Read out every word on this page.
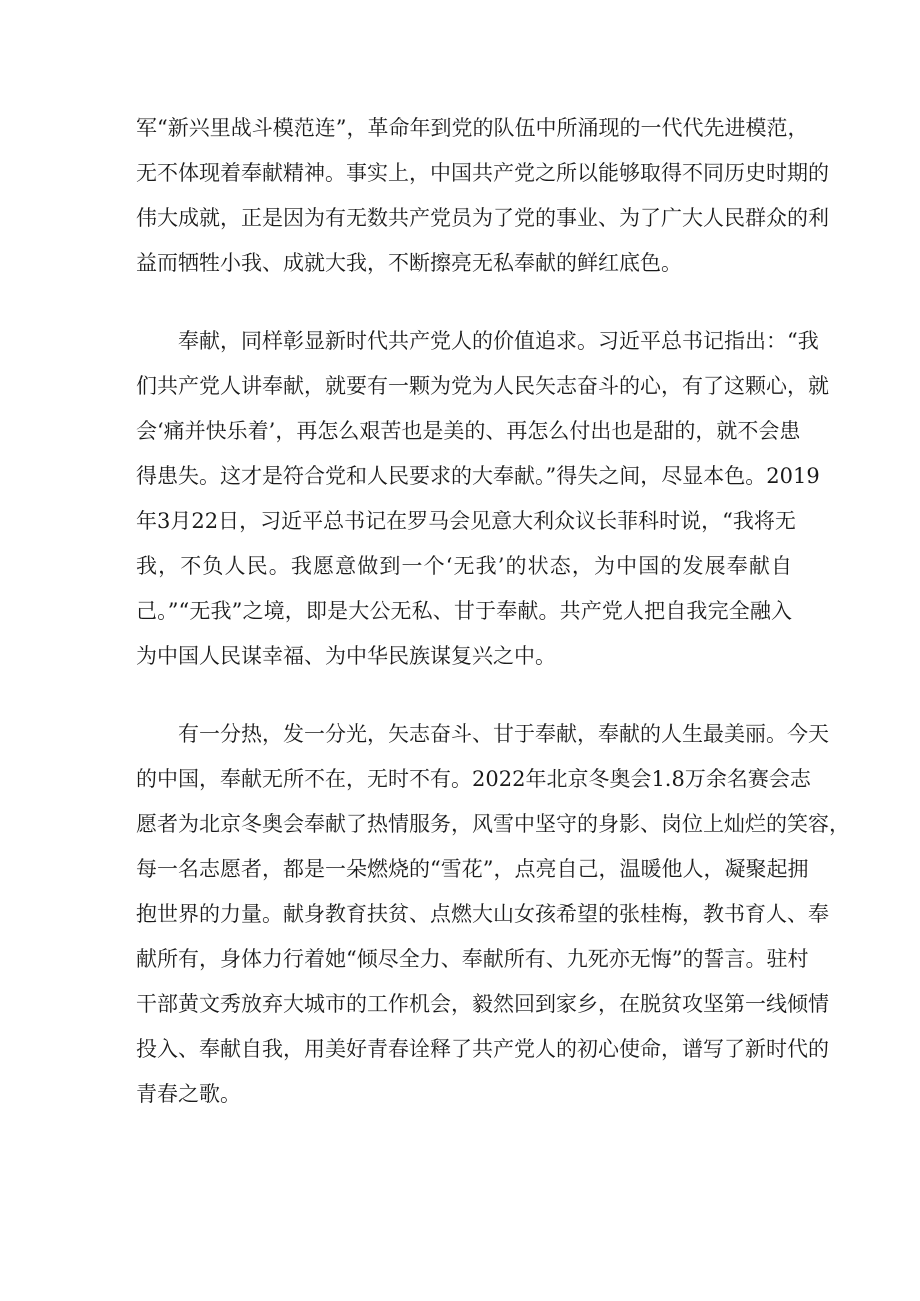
军“新兴里战斗模范连”，革命年到党的队伍中所涌现的一代代先进模范，
无不体现着奉献精神。事实上，中国共产党之所以能够取得不同历史时期的
伟大成就，正是因为有无数共产党员为了党的事业、为了广大人民群众的利
益而牺牲小我、成就大我，不断擦亮无私奉献的鲜红底色。
奉献，同样彰显新时代共产党人的价值追求。习近平总书记指出：“我
们共产党人讲奉献，就要有一颗为党为人民矢志奋斗的心，有了这颗心，就
会‘痛并快乐着’，再怎么艰苦也是美的、再怎么付出也是甜的，就不会患
得患失。这才是符合党和人民要求的大奉献。”得失之间，尽显本色。2019
年3月22日，习近平总书记在罗马会见意大利众议长菲科时说，“我将无
我，不负人民。我愿意做到一个‘无我’的状态，为中国的发展奉献自
己。”“无我”之境，即是大公无私、甘于奉献。共产党人把自我完全融入
为中国人民谋幸福、为中华民族谋复兴之中。
有一分热，发一分光，矢志奋斗、甘于奉献，奉献的人生最美丽。今天
的中国，奉献无所不在，无时不有。2022年北京冬奥会1.8万余名赛会志
愿者为北京冬奥会奉献了热情服务，风雪中坚守的身影、岗位上灿烂的笑容，
每一名志愿者，都是一朵燃烧的“雪花”，点亮自己，温暖他人，凝聚起拥
抱世界的力量。献身教育扶贫、点燃大山女孩希望的张桂梅，教书育人、奉
献所有，身体力行着她“倾尽全力、奉献所有、九死亦无悔”的誓言。驻村
干部黄文秀放弃大城市的工作机会，毅然回到家乡，在脱贫攻坚第一线倾情
投入、奉献自我，用美好青春诠释了共产党人的初心使命，谱写了新时代的
青春之歌。
